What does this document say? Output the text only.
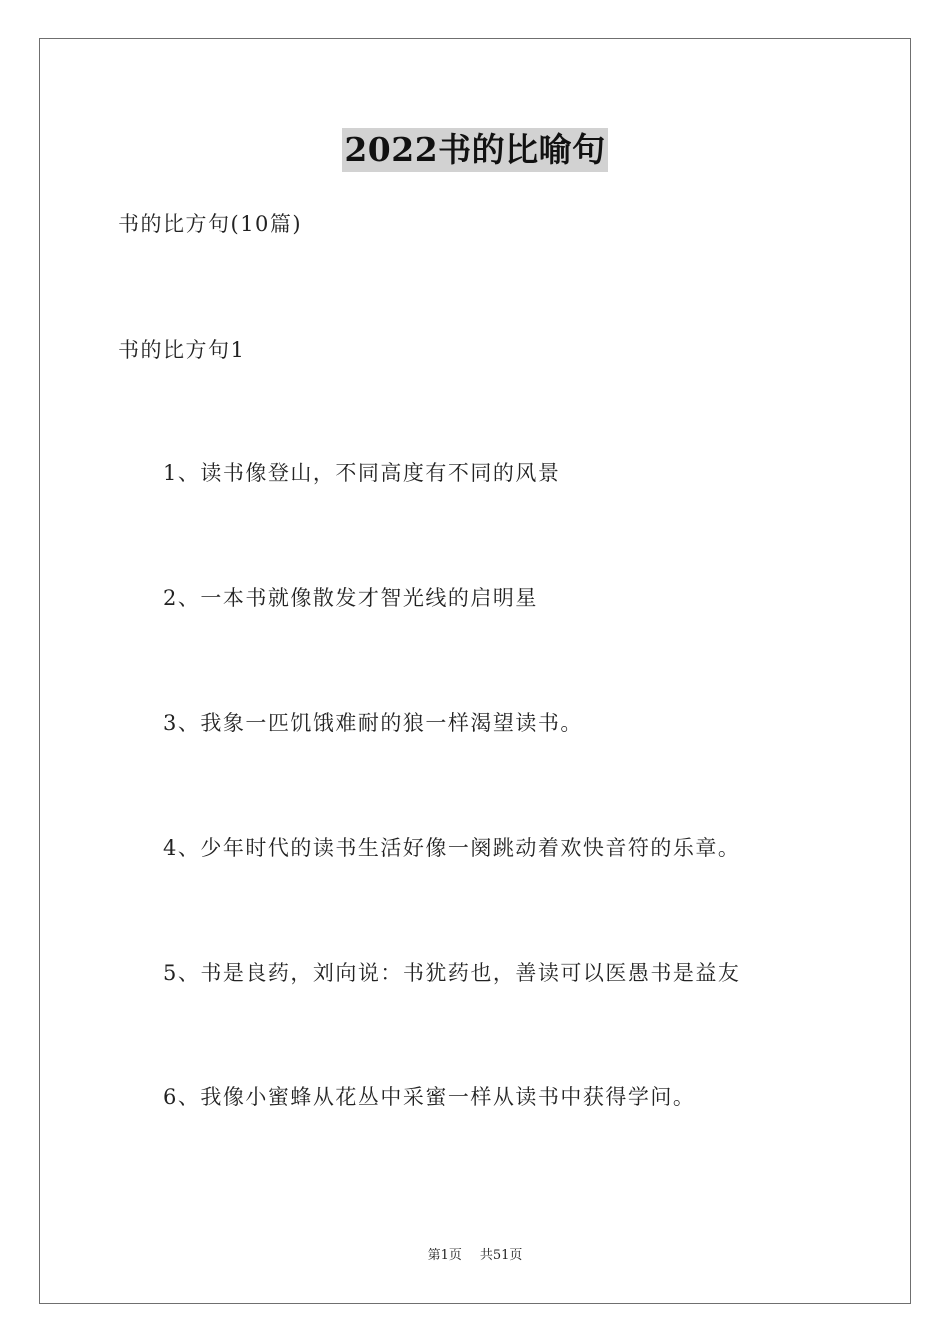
2022书的比喻句
书的比方句(10篇)
书的比方句1
1、读书像登山，不同高度有不同的风景
2、一本书就像散发才智光线的启明星
3、我象一匹饥饿难耐的狼一样渴望读书。
4、少年时代的读书生活好像一阕跳动着欢快音符的乐章。
5、书是良药，刘向说：书犹药也，善读可以医愚书是益友
6、我像小蜜蜂从花丛中采蜜一样从读书中获得学问。
第1页 共51页
